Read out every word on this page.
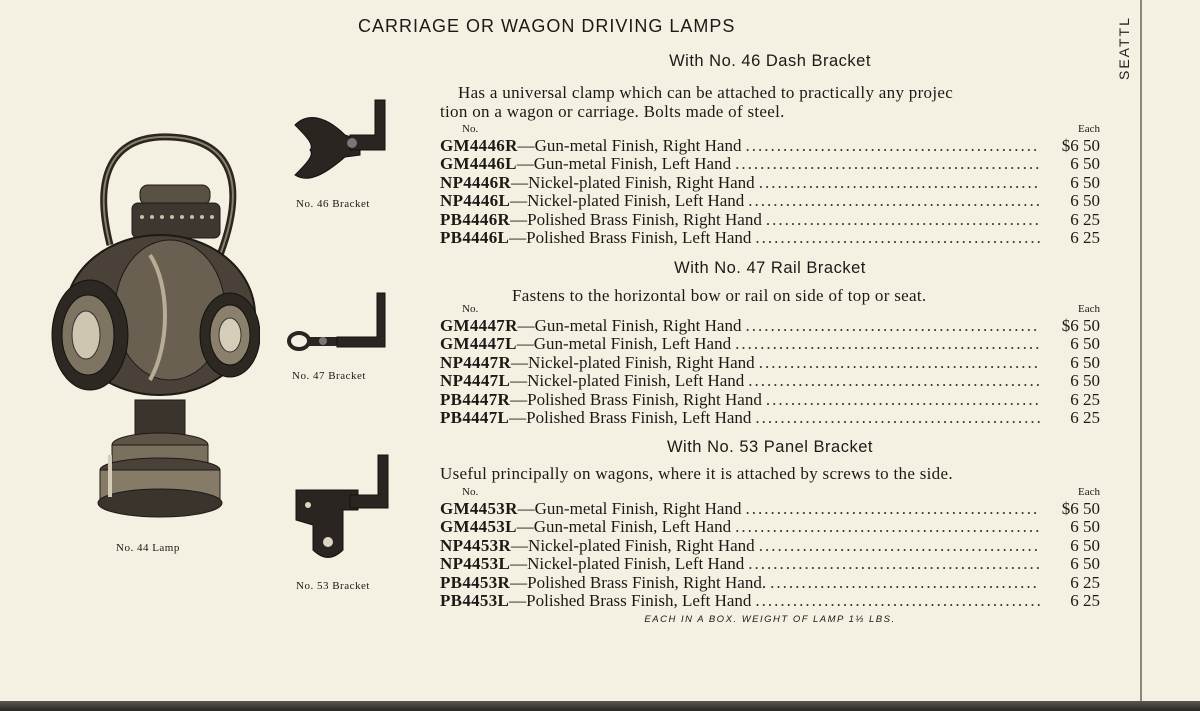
SEATTL
CARRIAGE OR WAGON DRIVING LAMPS
With No. 46 Dash Bracket
Has a universal clamp which can be attached to practically any projec
tion on a wagon or carriage. Bolts made of steel.
No.	Each
GM4446R —Gun-metal Finish, Right Hand .....	$6 50
GM4446L —Gun-metal Finish, Left Hand .....	6 50
NP4446R —Nickel-plated Finish, Right Hand .....	6 50
NP4446L —Nickel-plated Finish, Left Hand .....	6 50
PB4446R —Polished Brass Finish, Right Hand .....	6 25
PB4446L —Polished Brass Finish, Left Hand .....	6 25
With No. 47 Rail Bracket
Fastens to the horizontal bow or rail on side of top or seat.
No.	Each
GM4447R —Gun-metal Finish, Right Hand .....	$6 50
GM4447L —Gun-metal Finish, Left Hand .....	6 50
NP4447R —Nickel-plated Finish, Right Hand .....	6 50
NP4447L —Nickel-plated Finish, Left Hand .....	6 50
PB4447R —Polished Brass Finish, Right Hand .....	6 25
PB4447L —Polished Brass Finish, Left Hand .....	6 25
With No. 53 Panel Bracket
Useful principally on wagons, where it is attached by screws to the side.
No.	Each
GM4453R —Gun-metal Finish, Right Hand .....	$6 50
GM4453L —Gun-metal Finish, Left Hand .....	6 50
NP4453R —Nickel-plated Finish, Right Hand .....	6 50
NP4453L —Nickel-plated Finish, Left Hand .....	6 50
PB4453R —Polished Brass Finish, Right Hand. .....	6 25
PB4453L —Polished Brass Finish, Left Hand .....	6 25
EACH IN A BOX. WEIGHT OF LAMP 1⅓ LBS.
No. 44 Lamp
No. 46 Bracket
No. 47 Bracket
No. 53 Bracket
